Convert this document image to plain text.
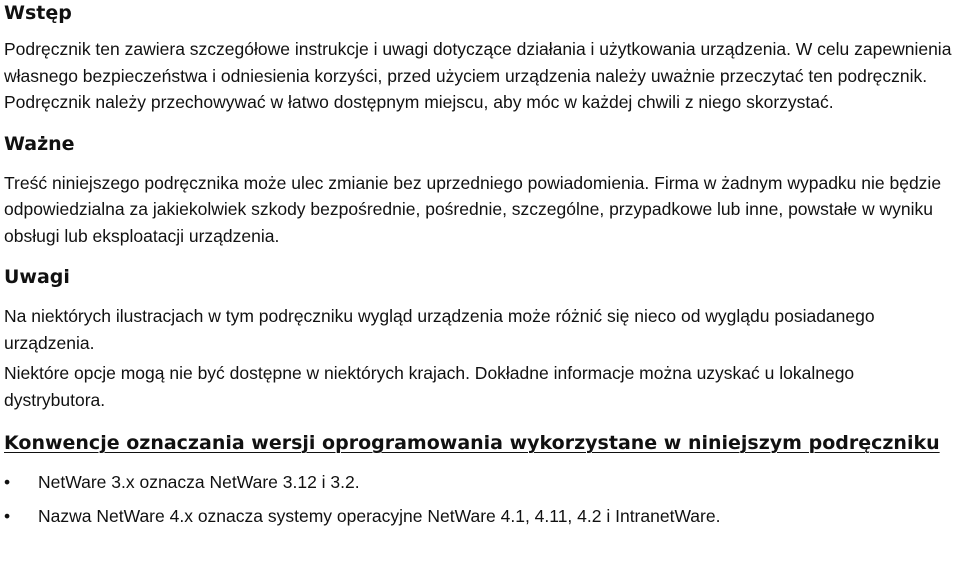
Wstęp

Podręcznik ten zawiera szczegółowe instrukcje i uwagi dotyczące działania i użytkowania urządzenia. W celu zapewnienia własnego bezpieczeństwa i odniesienia korzyści, przed użyciem urządzenia należy uważnie przeczytać ten podręcznik. Podręcznik należy przechowywać w łatwo dostępnym miejscu, aby móc w każdej chwili z niego skorzystać.

Ważne

Treść niniejszego podręcznika może ulec zmianie bez uprzedniego powiadomienia. Firma w żadnym wypadku nie będzie odpowiedzialna za jakiekolwiek szkody bezpośrednie, pośrednie, szczególne, przypadkowe lub inne, powstałe w wyniku obsługi lub eksploatacji urządzenia.

Uwagi

Na niektórych ilustracjach w tym podręczniku wygląd urządzenia może różnić się nieco od wyglądu posiadanego urządzenia.

Niektóre opcje mogą nie być dostępne w niektórych krajach. Dokładne informacje można uzyskać u lokalnego dystrybutora.

Konwencje oznaczania wersji oprogramowania wykorzystane w niniejszym podręczniku
•	NetWare 3.x oznacza NetWare 3.12 i 3.2.
•	Nazwa NetWare 4.x oznacza systemy operacyjne NetWare 4.1, 4.11, 4.2 i IntranetWare.
